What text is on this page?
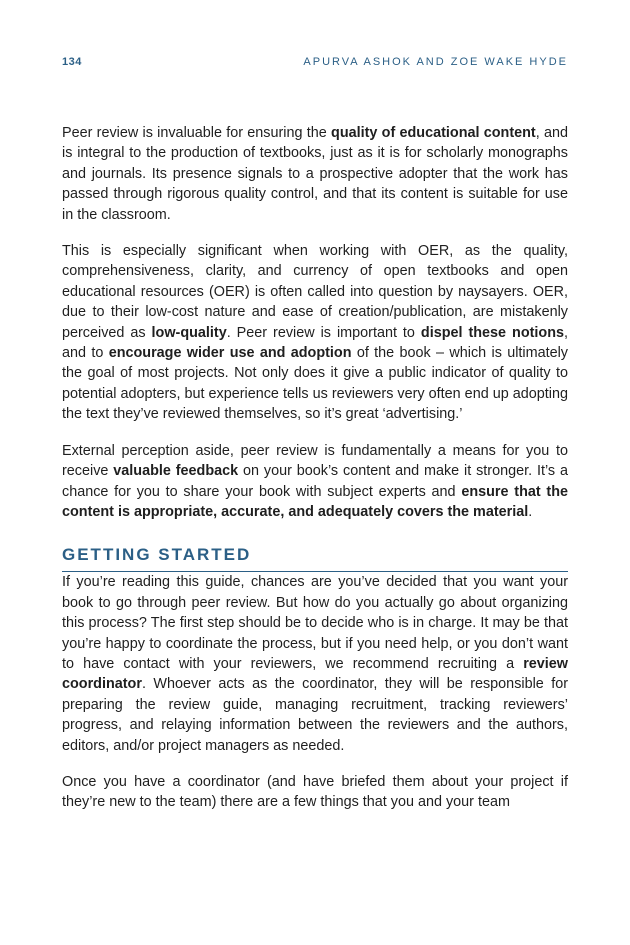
134	APURVA ASHOK AND ZOE WAKE HYDE

Peer review is invaluable for ensuring the quality of educational content, and is integral to the production of textbooks, just as it is for scholarly monographs and journals. Its presence signals to a prospective adopter that the work has passed through rigorous quality control, and that its content is suitable for use in the classroom.

This is especially significant when working with OER, as the quality, comprehensiveness, clarity, and currency of open textbooks and open educational resources (OER) is often called into question by naysayers. OER, due to their low-cost nature and ease of creation/publication, are mistakenly perceived as low-quality. Peer review is important to dispel these notions, and to encourage wider use and adoption of the book – which is ultimately the goal of most projects. Not only does it give a public indicator of quality to potential adopters, but experience tells us reviewers very often end up adopting the text they’ve reviewed themselves, so it’s great ‘advertising.’

External perception aside, peer review is fundamentally a means for you to receive valuable feedback on your book’s content and make it stronger. It’s a chance for you to share your book with subject experts and ensure that the content is appropriate, accurate, and adequately covers the material.

GETTING STARTED

If you’re reading this guide, chances are you’ve decided that you want your book to go through peer review. But how do you actually go about organizing this process? The first step should be to decide who is in charge. It may be that you’re happy to coordinate the process, but if you need help, or you don’t want to have contact with your reviewers, we recommend recruiting a review coordinator. Whoever acts as the coordinator, they will be responsible for preparing the review guide, managing recruitment, tracking reviewers’ progress, and relaying information between the reviewers and the authors, editors, and/or project managers as needed.

Once you have a coordinator (and have briefed them about your project if they’re new to the team) there are a few things that you and your team
